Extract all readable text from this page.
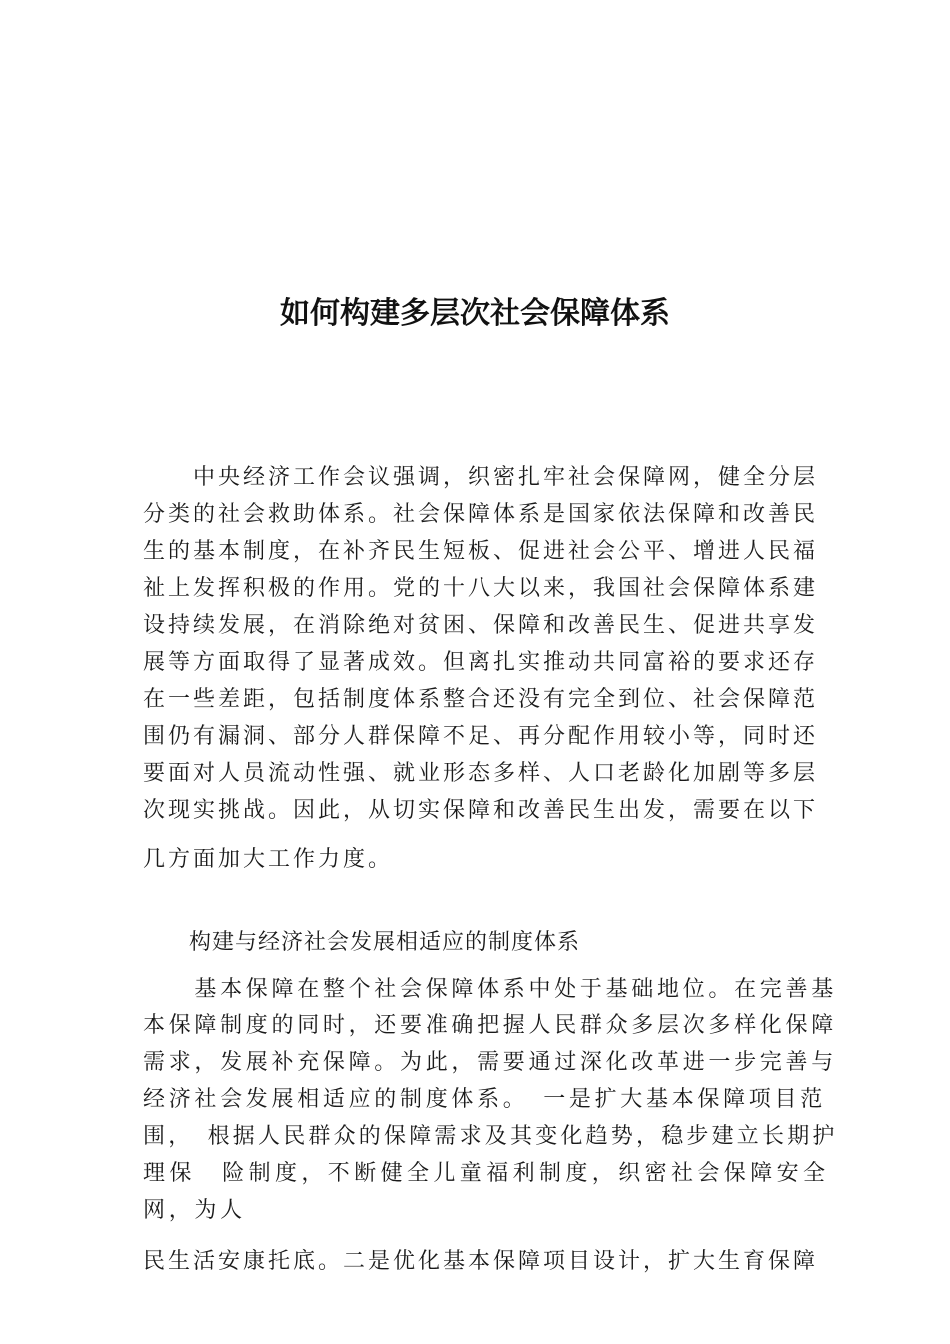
如何构建多层次社会保障体系
　　中央经济工作会议强调，织密扎牢社会保障网，健全分层
分类的社会救助体系。社会保障体系是国家依法保障和改善民
生的基本制度，在补齐民生短板、促进社会公平、增进人民福
祉上发挥积极的作用。党的十八大以来，我国社会保障体系建
设持续发展，在消除绝对贫困、保障和改善民生、促进共享发
展等方面取得了显著成效。但离扎实推动共同富裕的要求还存
在一些差距，包括制度体系整合还没有完全到位、社会保障范
围仍有漏洞、部分人群保障不足、再分配作用较小等，同时还
要面对人员流动性强、就业形态多样、人口老龄化加剧等多层
次现实挑战。因此，从切实保障和改善民生出发，需要在以下
几方面加大工作力度。
　　构建与经济社会发展相适应的制度体系
　　基本保障在整个社会保障体系中处于基础地位。在完善基
本保障制度的同时，还要准确把握人民群众多层次多样化保障
需求，发展补充保障。为此，需要通过深化改革进一步完善与
经济社会发展相适应的制度体系。　一是扩大基本保障项目范
围，　根据人民群众的保障需求及其变化趋势，稳步建立长期护
理保　险制度，不断健全儿童福利制度，织密社会保障安全
网，为人
民生活安康托底。二是优化基本保障项目设计，扩大生育保障
